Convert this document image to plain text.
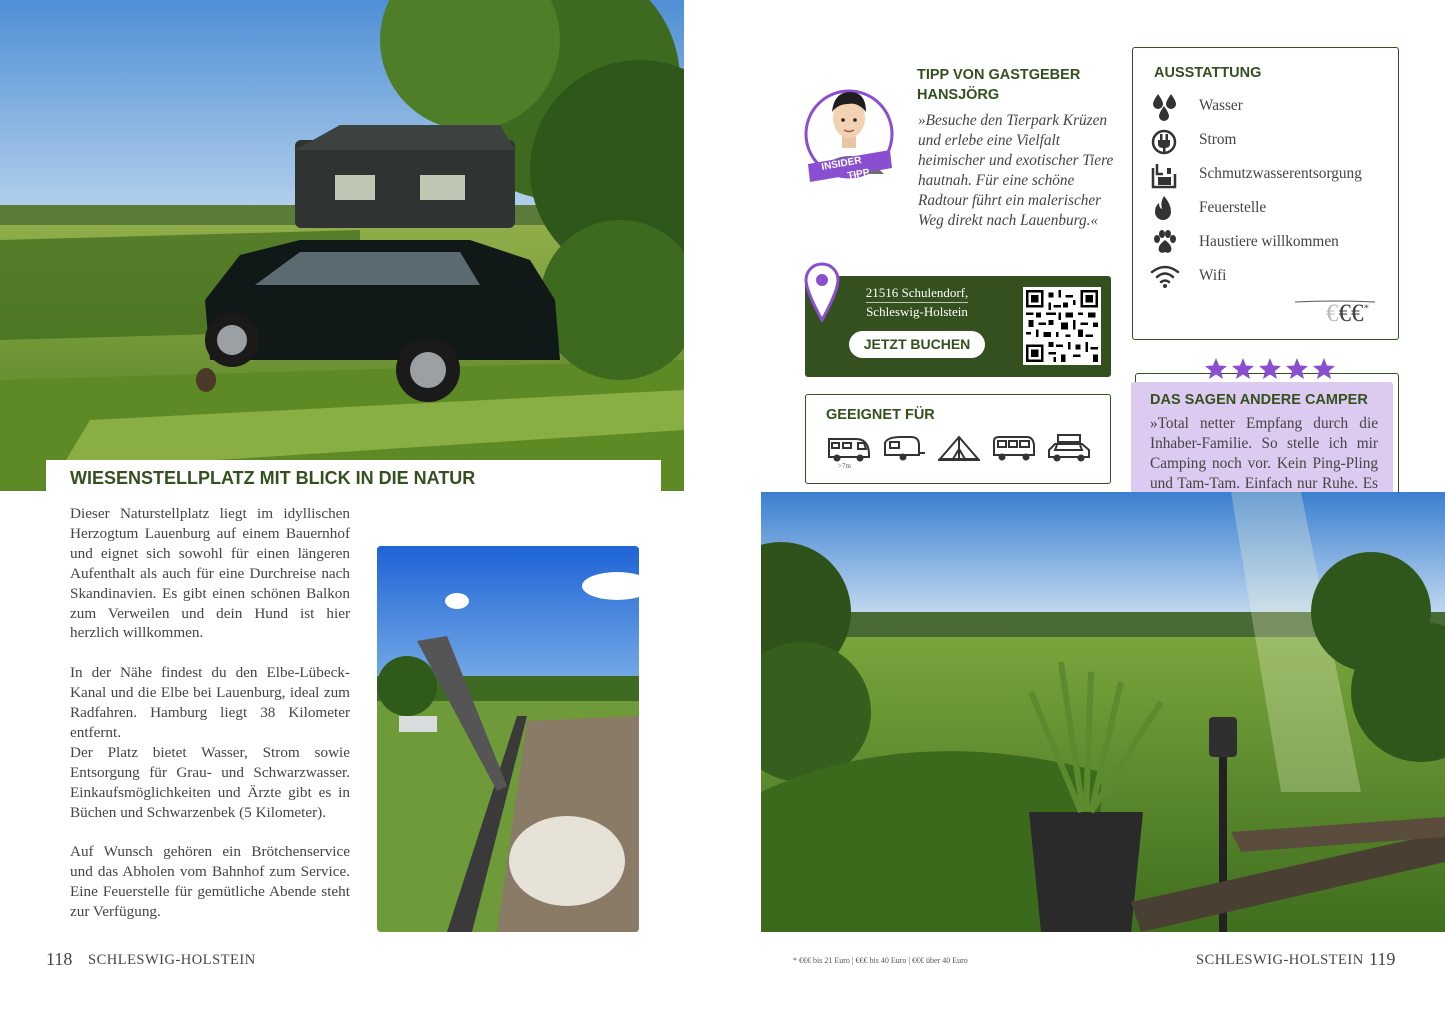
WIESENSTELLPLATZ MIT BLICK IN DIE NATUR

Dieser Naturstellplatz liegt im idyllischen Herzogtum Lauenburg auf einem Bauernhof und eignet sich sowohl für einen längeren Aufenthalt als auch für eine Durchreise nach Skandinavien. Es gibt einen schönen Balkon zum Verweilen und dein Hund ist hier herzlich willkommen.

In der Nähe findest du den Elbe-Lübeck-Kanal und die Elbe bei Lauenburg, ideal zum Radfahren. Hamburg liegt 38 Kilometer entfernt.

Der Platz bietet Wasser, Strom sowie Entsorgung für Grau- und Schwarzwasser. Einkaufsmöglichkeiten und Ärzte gibt es in Büchen und Schwarzenbek (5 Kilometer).

Auf Wunsch gehören ein Brötchenservice und das Abholen vom Bahnhof zum Service. Eine Feuerstelle für gemütliche Abende steht zur Verfügung.

118 SCHLESWIG-HOLSTEIN
INSIDER
TIPP
TIPP VON GASTGEBER
HANSJÖRG
»Besuche den Tierpark Krüzen und erlebe eine Vielfalt heimischer und exotischer Tiere hautnah. Für eine schöne Radtour führt ein malerischer Weg direkt nach Lauenburg.«
21516 Schulendorf,
Schleswig-Holstein
JETZT BUCHEN
GEEIGNET FÜR
>7m
AUSSTATTUNG
Wasser
Strom
Schmutzwasserentsorgung
Feuerstelle
Haustiere willkommen
Wifi
€€€*
DAS SAGEN ANDERE CAMPER
»Total netter Empfang durch die Inhaber-Familie. So stelle ich mir Camping noch vor. Kein Ping-Pling und Tam-Tam. Einfach nur Ruhe. Es
* €€€ bis 21 Euro | €€€ bis 40 Euro | €€€ über 40 Euro	SCHLESWIG-HOLSTEIN 119
